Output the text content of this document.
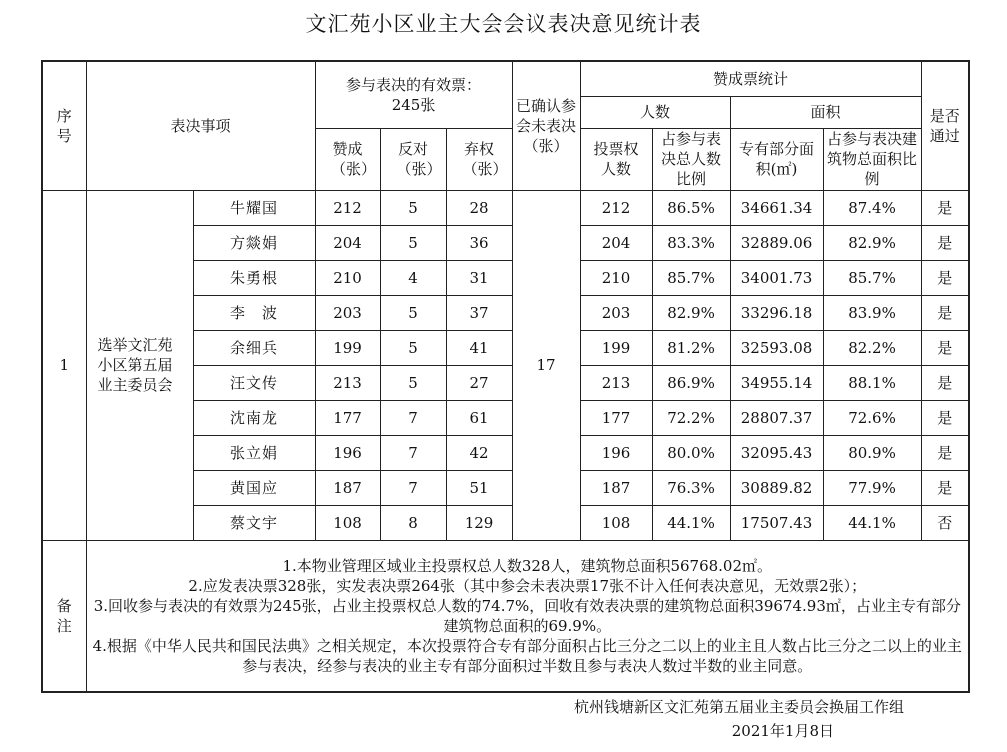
文汇苑小区业主大会会议表决意见统计表
序号	表决事项		参与表决的有效票：245张			已确认参会未表决（张）	赞成票统计				是否通过

							人数		面积		

			赞成（张）	反对（张）	弃权（张）		投票权人数	占参与表决总人数比例	专有部分面积(㎡)	占参与表决建筑物总面积比例	

1	选举文汇苑小区第五届业主委员会	牛耀国	212	5	28	17	212	86.5%	34661.34	87.4%	是
		方燚娟	204	5	36		204	83.3%	32889.06	82.9%	是
		朱勇根	210	4	31		210	85.7%	34001.73	85.7%	是
		李　波	203	5	37		203	82.9%	33296.18	83.9%	是
		余细兵	199	5	41		199	81.2%	32593.08	82.2%	是
		汪文传	213	5	27		213	86.9%	34955.14	88.1%	是
		沈南龙	177	7	61		177	72.2%	28807.37	72.6%	是
		张立娟	196	7	42		196	80.0%	32095.43	80.9%	是
		黄国应	187	7	51		187	76.3%	30889.82	77.9%	是
		蔡文宇	108	8	129		108	44.1%	17507.43	44.1%	否

备注	1.本物业管理区域业主投票权总人数328人，建筑物总面积56768.02㎡。
2.应发表决票328张，实发表决票264张（其中参会未表决票17张不计入任何表决意见，无效票2张）；
3.回收参与表决的有效票为245张，占业主投票权总人数的74.7%，回收有效表决票的建筑物总面积39674.93㎡，占业主专有部分建筑物总面积的69.9%。
4.根据《中华人民共和国民法典》之相关规定，本次投票符合专有部分面积占比三分之二以上的业主且人数占比三分之二以上的业主参与表决，经参与表决的业主专有部分面积过半数且参与表决人数过半数的业主同意。										
杭州钱塘新区文汇苑第五届业主委员会换届工作组
2021年1月8日
